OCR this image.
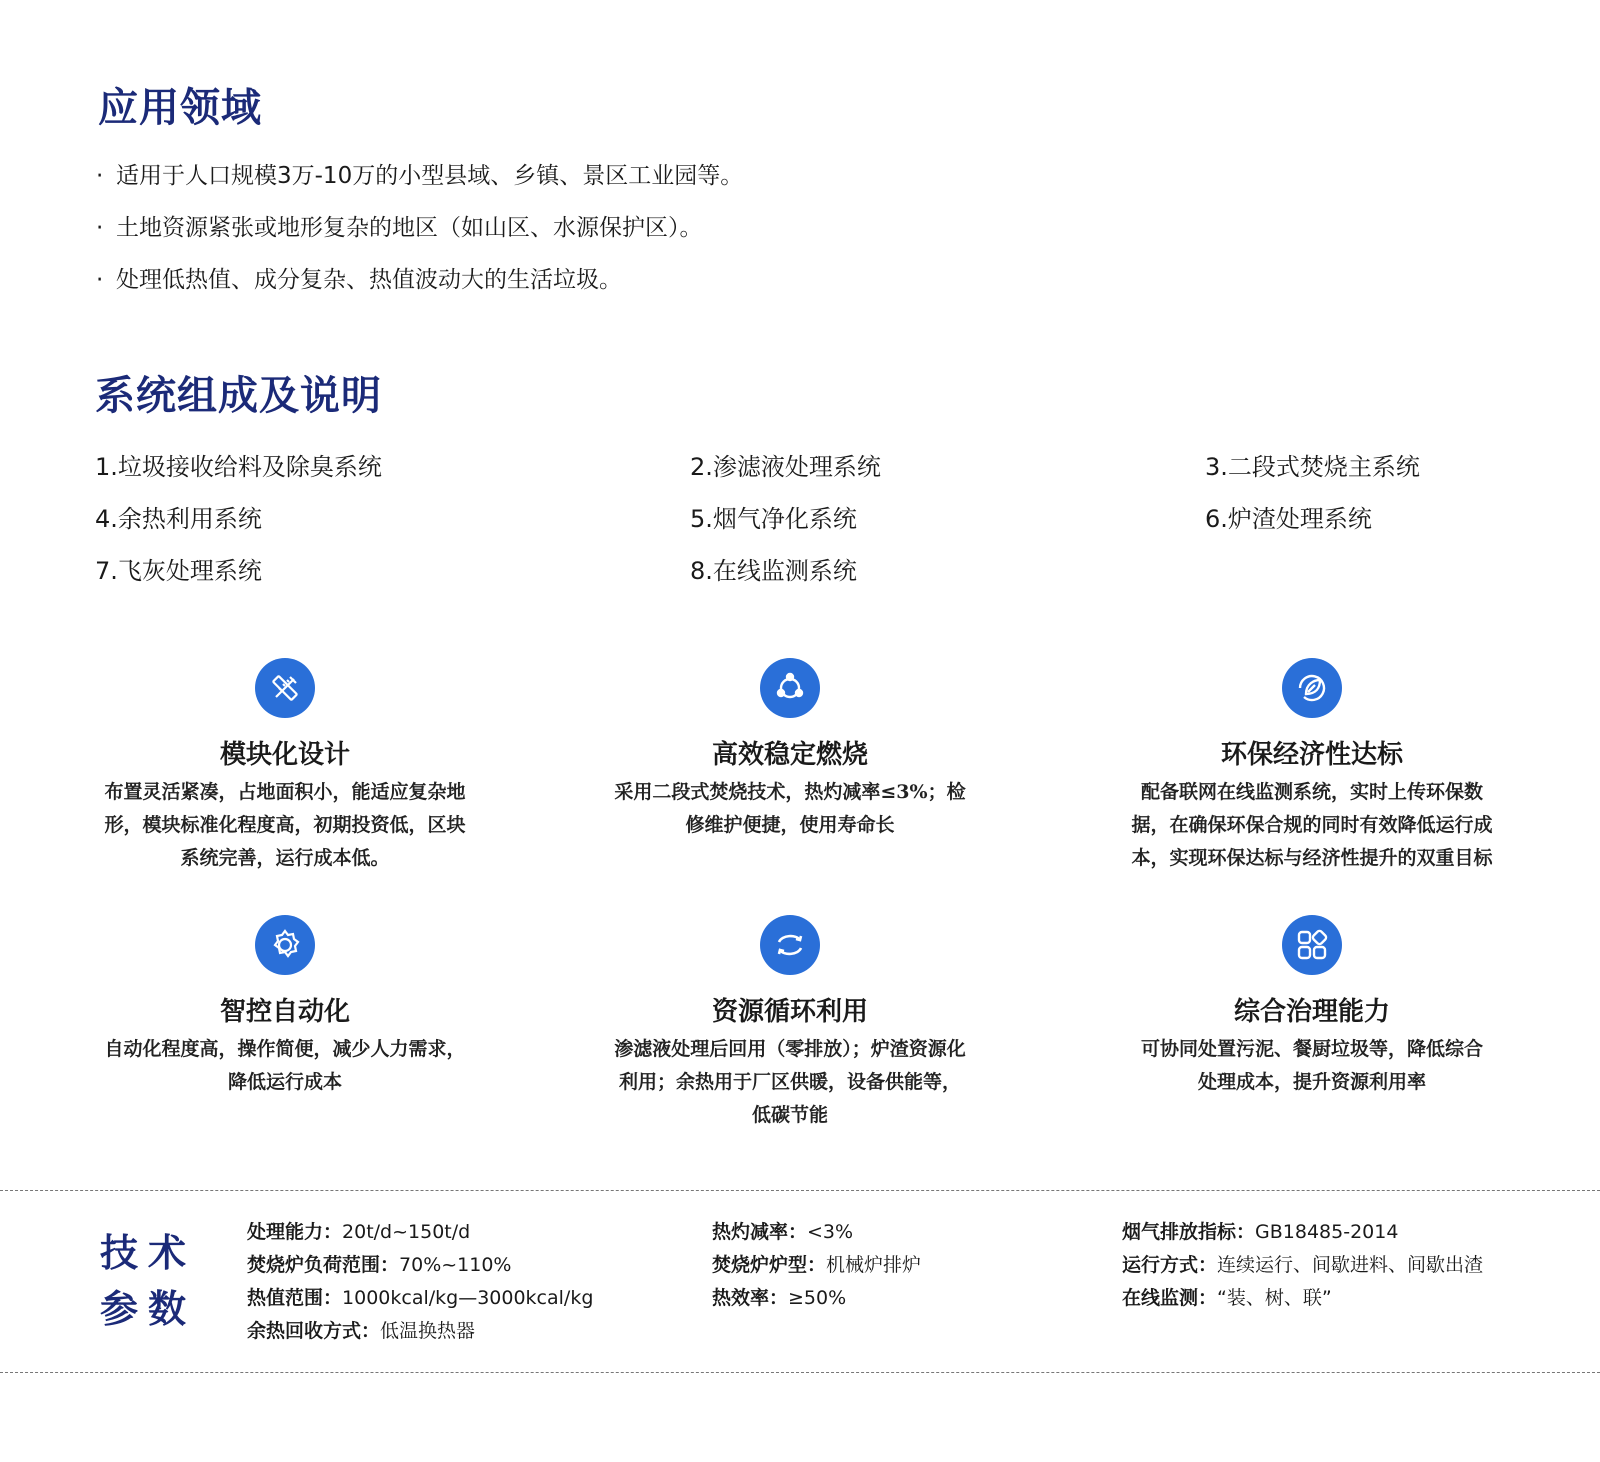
应用领域
· 适用于人口规模3万-10万的小型县域、乡镇、景区工业园等。
· 土地资源紧张或地形复杂的地区（如山区、水源保护区）。
· 处理低热值、成分复杂、热值波动大的生活垃圾。
系统组成及说明
1.垃圾接收给料及除臭系统	2.渗滤液处理系统	3.二段式焚烧主系统
4.余热利用系统	5.烟气净化系统	6.炉渣处理系统
7.飞灰处理系统	8.在线监测系统
模块化设计
布置灵活紧凑，占地面积小，能适应复杂地形，模块标准化程度高，初期投资低，区块系统完善，运行成本低。
高效稳定燃烧
采用二段式焚烧技术，热灼减率≤3%；检修维护便捷，使用寿命长
环保经济性达标
配备联网在线监测系统，实时上传环保数据，在确保环保合规的同时有效降低运行成本，实现环保达标与经济性提升的双重目标
智控自动化
自动化程度高，操作简便，减少人力需求，降低运行成本
资源循环利用
渗滤液处理后回用（零排放）；炉渣资源化利用；余热用于厂区供暖，设备供能等，低碳节能
综合治理能力
可协同处置污泥、餐厨垃圾等，降低综合处理成本，提升资源利用率
技术
参数
处理能力：20t/d~150t/d
焚烧炉负荷范围：70%~110%
热值范围：1000kcal/kg—3000kcal/kg
余热回收方式：低温换热器
热灼减率：<3%
焚烧炉炉型：机械炉排炉
热效率：≥50%
烟气排放指标：GB18485-2014
运行方式：连续运行、间歇进料、间歇出渣
在线监测：“装、树、联”
